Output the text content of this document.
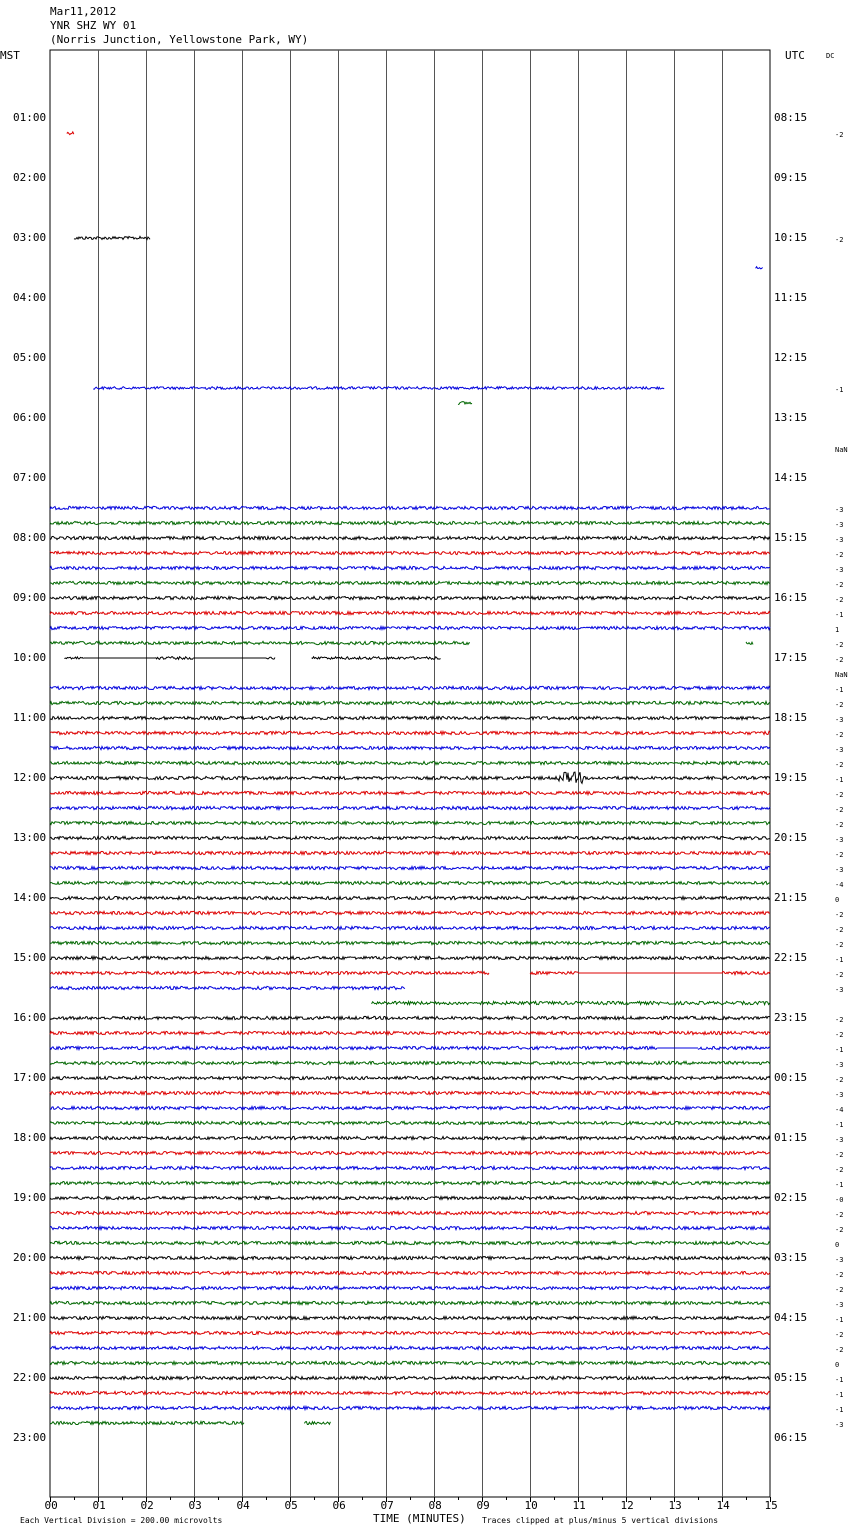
Mar11,2012
YNR SHZ WY 01
(Norris Junction, Yellowstone Park, WY)
MST	UTC	DC
00	01	02	03	04	05	06	07	08	09	10	11	12	13	14	15
01:00
02:00
03:00
04:00
05:00
06:00
07:00
08:00
09:00
10:00
11:00
12:00
13:00
14:00
15:00
16:00
17:00
18:00
19:00
20:00
21:00
22:00
23:00
08:15
09:15
10:15
11:15
12:15
13:15
14:15
15:15
16:15
17:15
18:15
19:15
20:15
21:15
22:15
23:15
00:15
01:15
02:15
03:15
04:15
05:15
06:15
-2
-2
-1
NaN
-3
-3
-3
-2
-3
-2
-2
-1
1
-2
-2
NaN
-1
-2
-3
-2
-3
-2
-1
-2
-2
-2
-3
-2
-3
-4
0
-2
-2
-2
-1
-2
-3
-2
-2
-1
-3
-2
-3
-4
-1
-3
-2
-2
-1
-0
-2
-2
0
-3
-2
-2
-3
-1
-2
-2
0
-1
-1
-1
-3
Each Vertical Division = 200.00 microvolts	TIME (MINUTES) Traces clipped at plus/minus 5 vertical divisions
